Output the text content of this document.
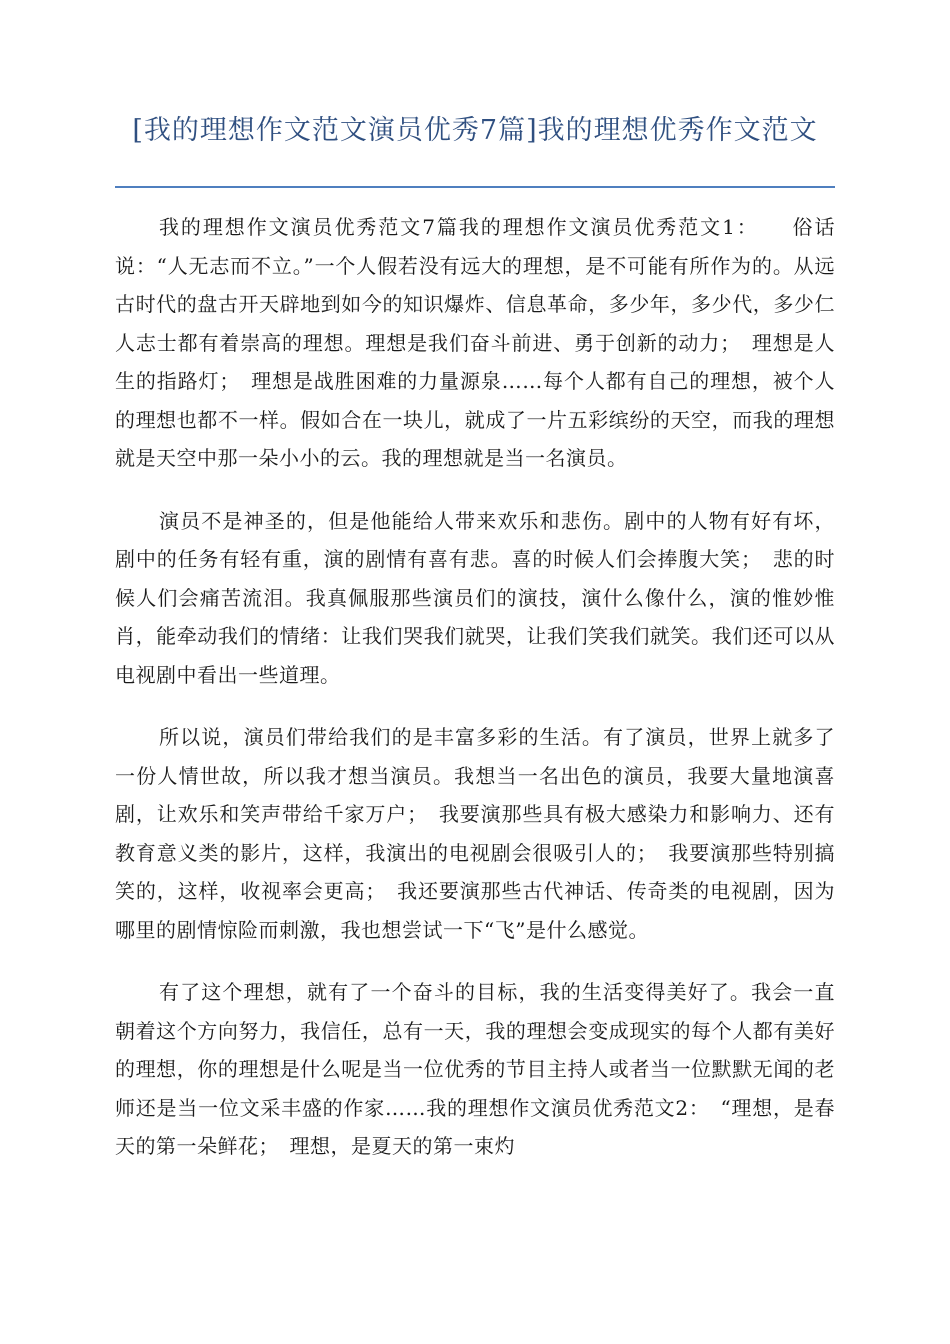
[我的理想作文范文演员优秀7篇]我的理想优秀作文范文

我的理想作文演员优秀范文7篇我的理想作文演员优秀范文1：　　俗话说：“人无志而不立。”一个人假若没有远大的理想，是不可能有所作为的。从远古时代的盘古开天辟地到如今的知识爆炸、信息革命，多少年，多少代，多少仁人志士都有着崇高的理想。理想是我们奋斗前进、勇于创新的动力；　理想是人生的指路灯；　理想是战胜困难的力量源泉……每个人都有自己的理想，被个人的理想也都不一样。假如合在一块儿，就成了一片五彩缤纷的天空，而我的理想就是天空中那一朵小小的云。我的理想就是当一名演员。

演员不是神圣的，但是他能给人带来欢乐和悲伤。剧中的人物有好有坏，剧中的任务有轻有重，演的剧情有喜有悲。喜的时候人们会捧腹大笑；　悲的时候人们会痛苦流泪。我真佩服那些演员们的演技，演什么像什么，演的惟妙惟肖，能牵动我们的情绪：让我们哭我们就哭，让我们笑我们就笑。我们还可以从电视剧中看出一些道理。

所以说，演员们带给我们的是丰富多彩的生活。有了演员，世界上就多了一份人情世故，所以我才想当演员。我想当一名出色的演员，我要大量地演喜剧，让欢乐和笑声带给千家万户；　我要演那些具有极大感染力和影响力、还有教育意义类的影片，这样，我演出的电视剧会很吸引人的；　我要演那些特别搞笑的，这样，收视率会更高；　我还要演那些古代神话、传奇类的电视剧，因为哪里的剧情惊险而刺激，我也想尝试一下“飞”是什么感觉。

有了这个理想，就有了一个奋斗的目标，我的生活变得美好了。我会一直朝着这个方向努力，我信任，总有一天，我的理想会变成现实的每个人都有美好的理想，你的理想是什么呢是当一位优秀的节目主持人或者当一位默默无闻的老师还是当一位文采丰盛的作家……我的理想作文演员优秀范文2：　“理想，是春天的第一朵鲜花；　理想，是夏天的第一束灼
